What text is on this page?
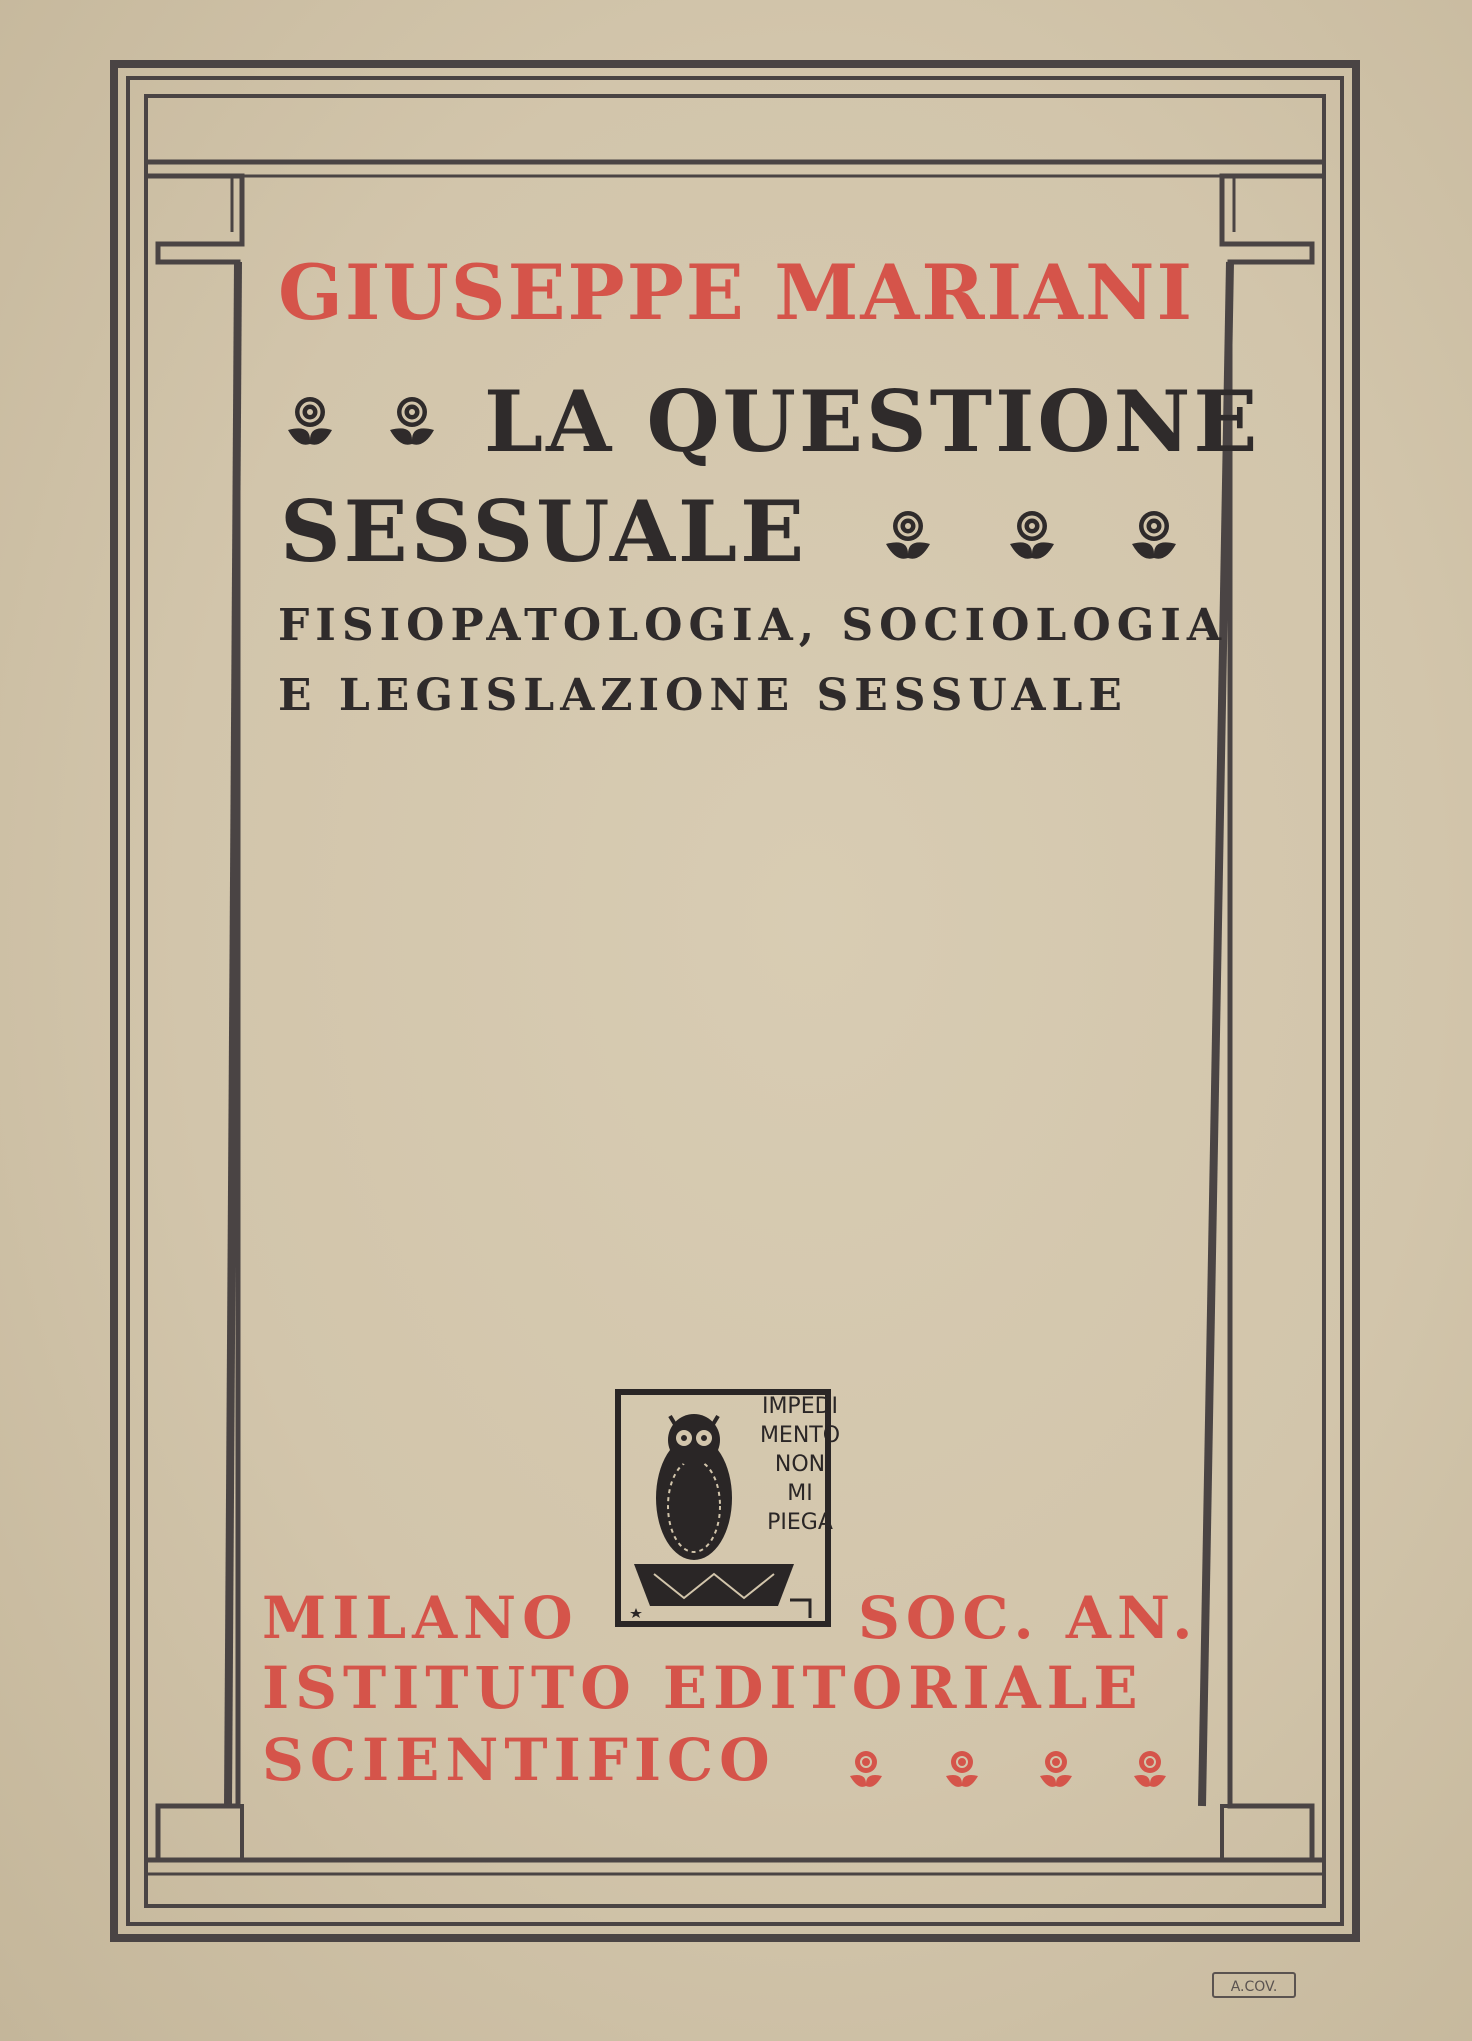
GIUSEPPE MARIANI
LA QUESTIONE
SESSUALE
FISIOPATOLOGIA, SOCIOLOGIA
E LEGISLAZIONE SESSUALE
IMPEDI
MENTO
NON
MI
PIEGA
MILANO	SOC. AN.
ISTITUTO EDITORIALE
SCIENTIFICO
A.COV.
